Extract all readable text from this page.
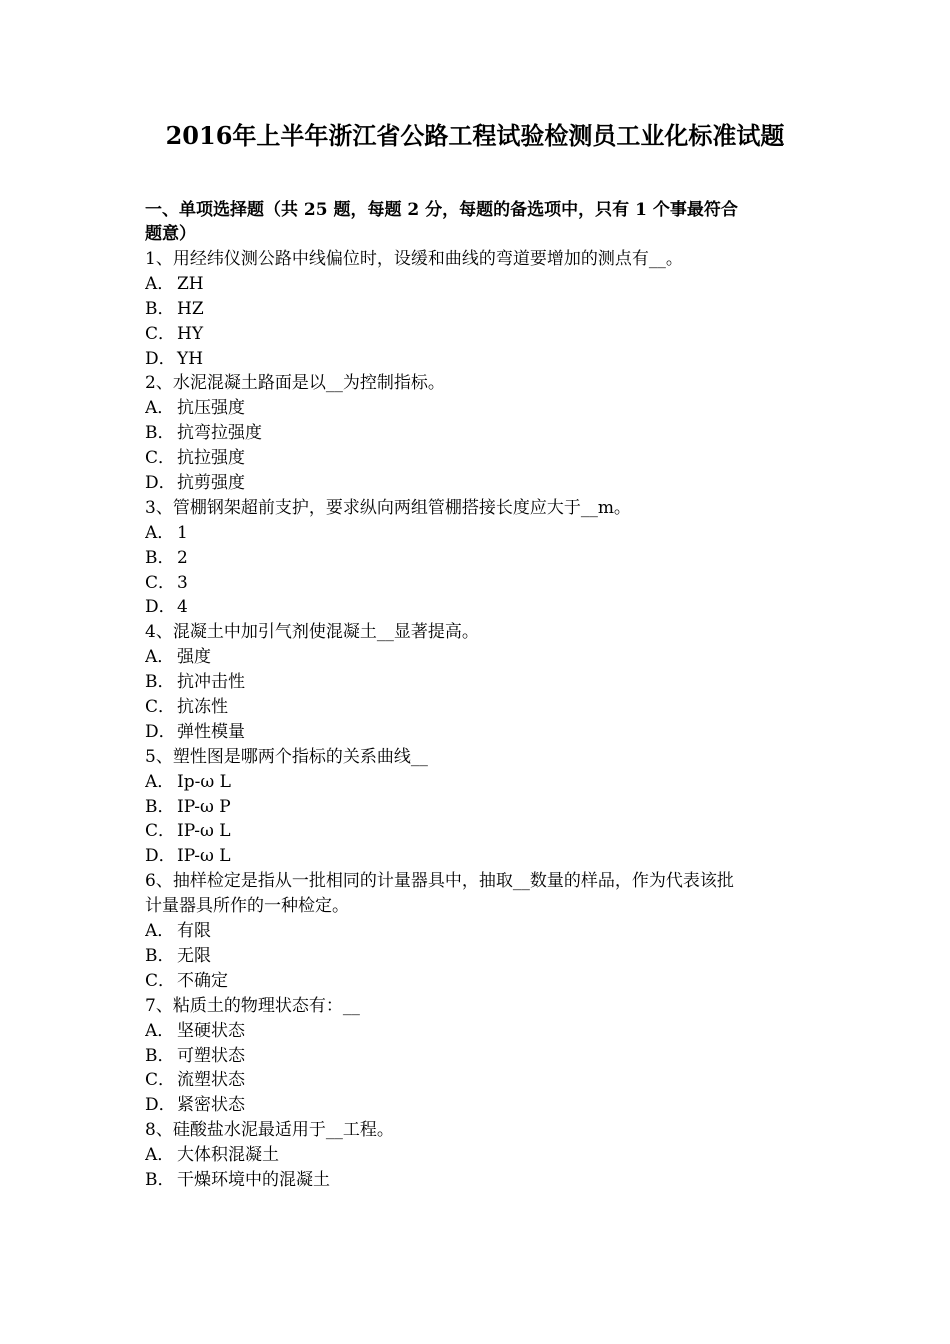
2016年上半年浙江省公路工程试验检测员工业化标准试题
一、单项选择题（共 25 题，每题 2 分，每题的备选项中，只有 1 个事最符合
题意）
1、用经纬仪测公路中线偏位时，设缓和曲线的弯道要增加的测点有__。
A． ZH
B． HZ
C． HY
D．YH
2、水泥混凝土路面是以__为控制指标。
A． 抗压强度
B． 抗弯拉强度
C． 抗拉强度
D．抗剪强度
3、管棚钢架超前支护，要求纵向两组管棚搭接长度应大于__m。
A． 1
B． 2
C． 3
D．4
4、混凝土中加引气剂使混凝土__显著提高。
A． 强度
B． 抗冲击性
C． 抗冻性
D．弹性模量
5、塑性图是哪两个指标的关系曲线__
A． Ip-ω L
B． IP-ω P
C． IP-ω L
D．IP-ω L
6、抽样检定是指从一批相同的计量器具中，抽取__数量的样品，作为代表该批
计量器具所作的一种检定。
A． 有限
B． 无限
C． 不确定
7、粘质土的物理状态有：__
A． 坚硬状态
B． 可塑状态
C． 流塑状态
D．紧密状态
8、硅酸盐水泥最适用于__工程。
A． 大体积混凝土
B． 干燥环境中的混凝土
